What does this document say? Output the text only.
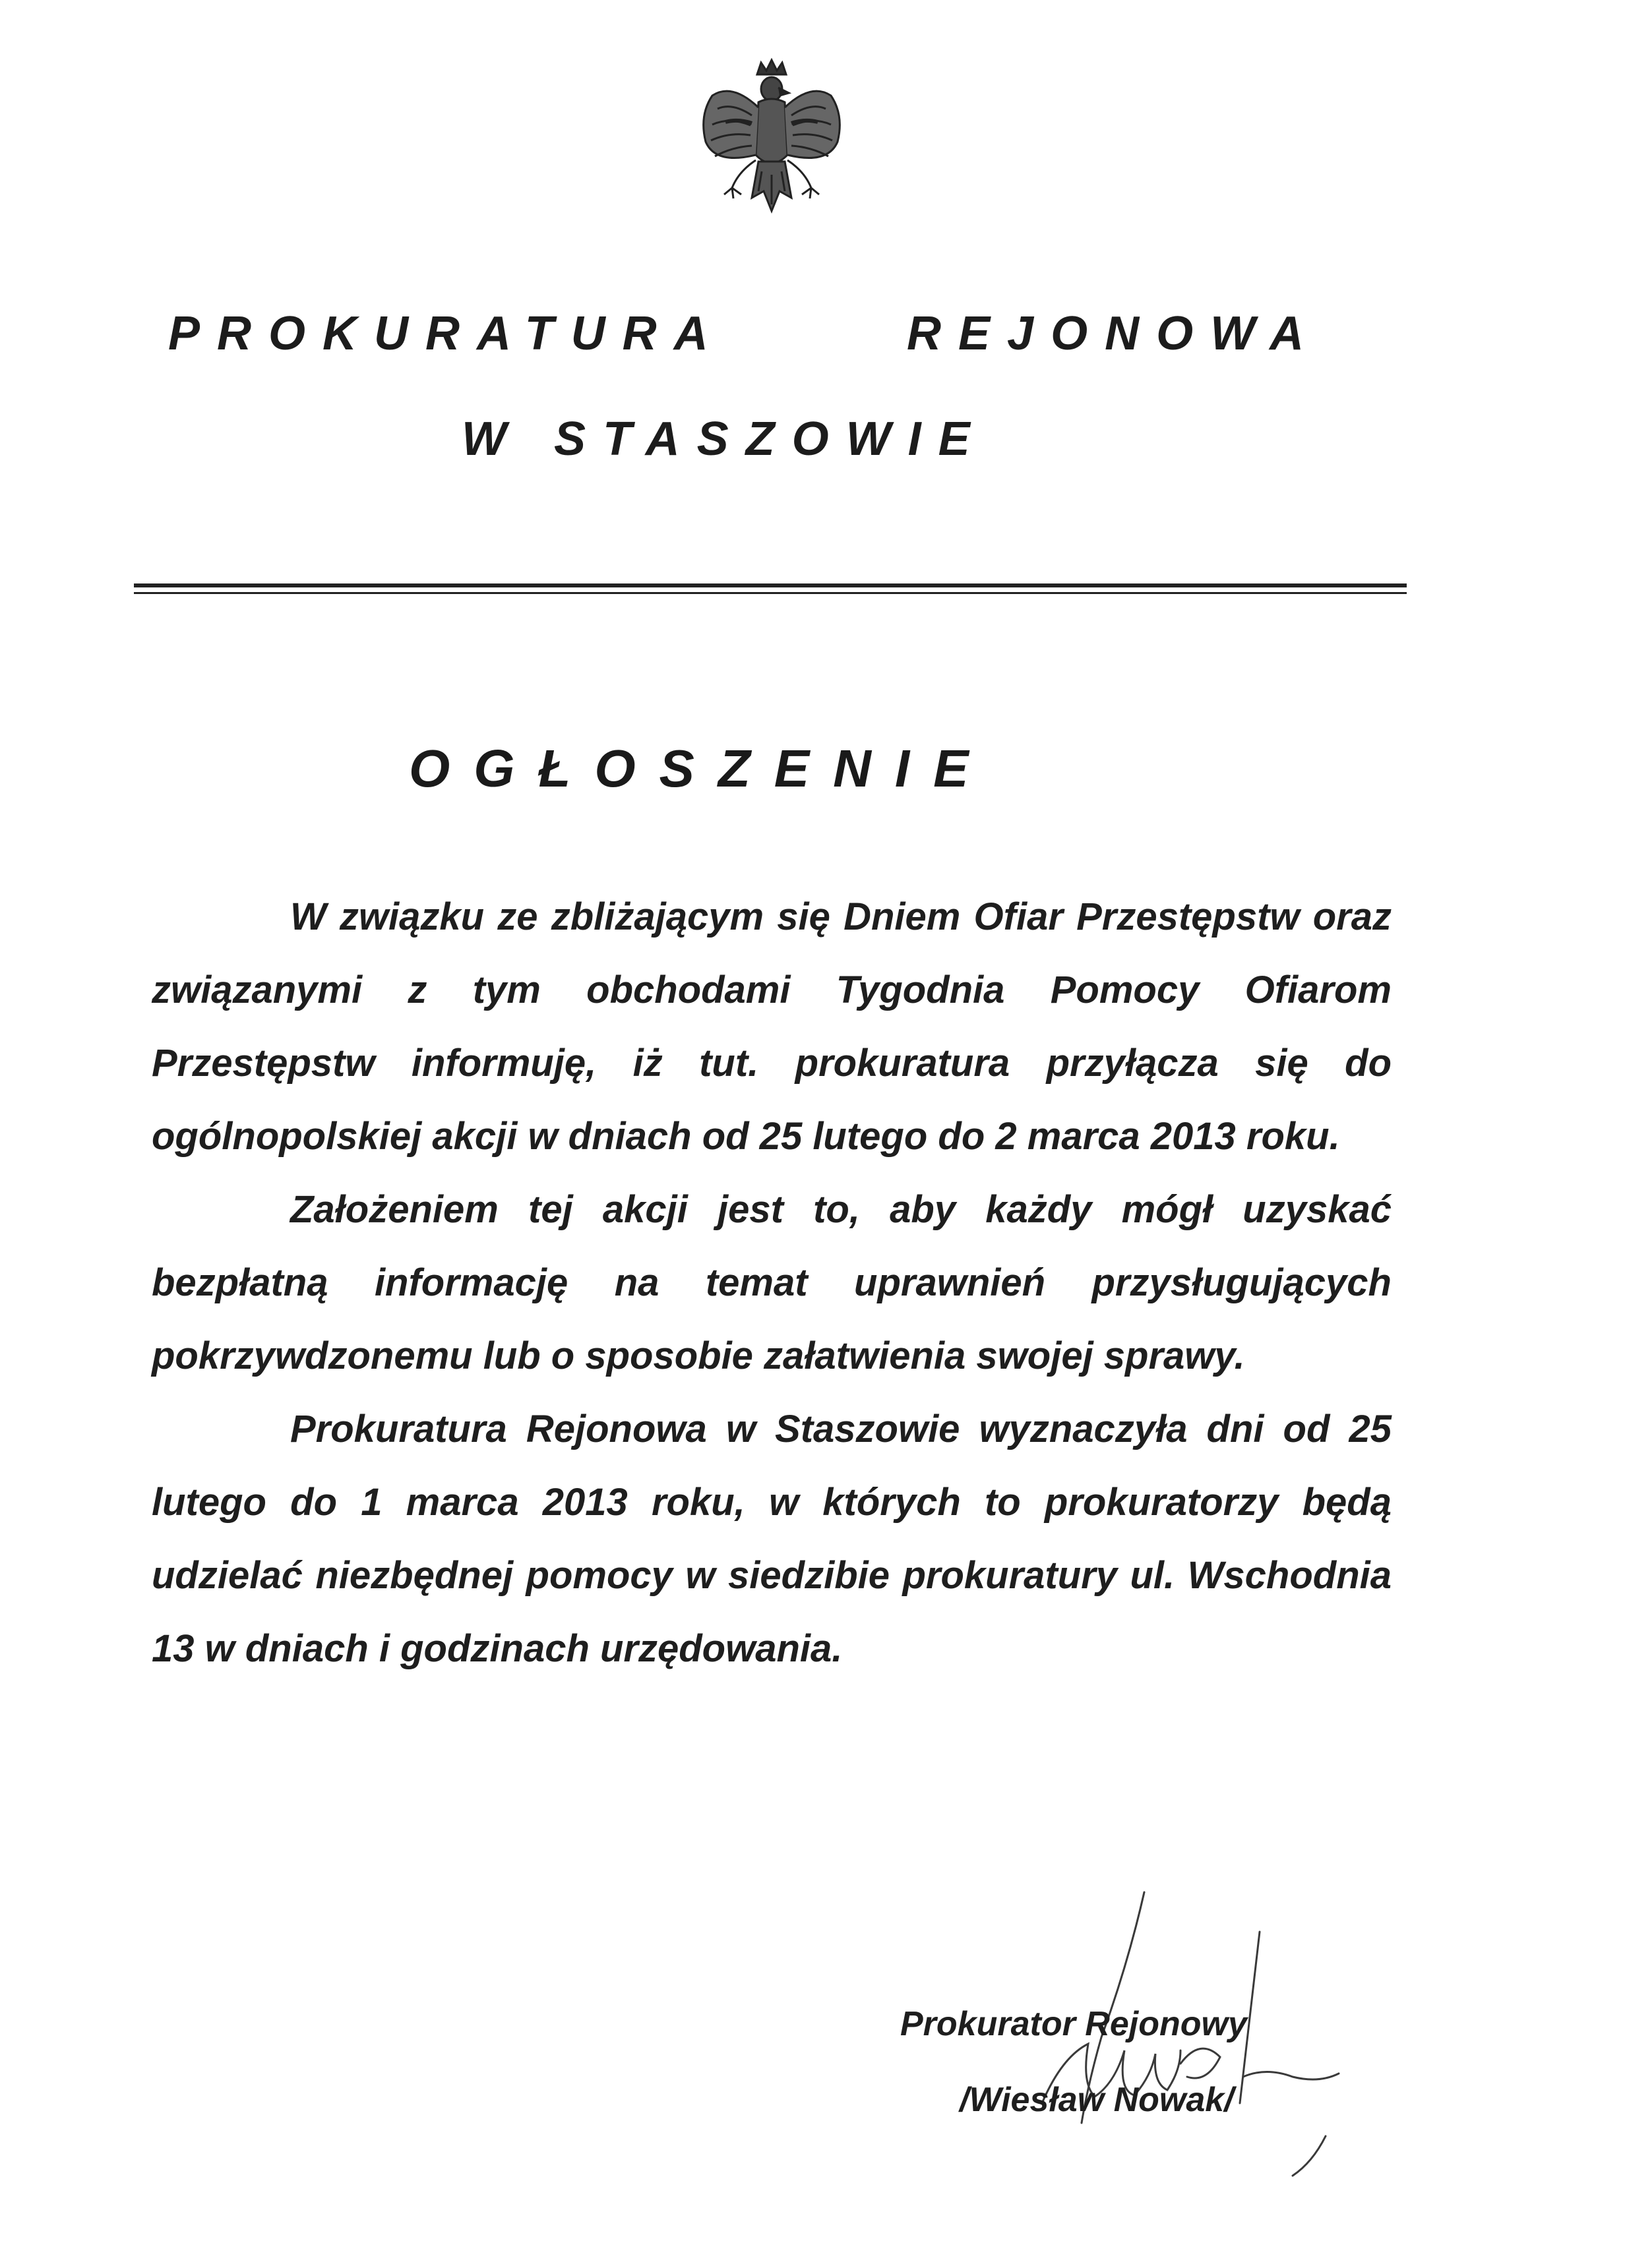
PROKURATURA	REJONOWA
W STASZOWIE
OGŁOSZENIE

W związku ze zbliżającym się Dniem Ofiar Przestępstw oraz związanymi z tym obchodami Tygodnia Pomocy Ofiarom Przestępstw informuję, iż tut. prokuratura przyłącza się do ogólnopolskiej akcji w dniach od 25 lutego do 2 marca 2013 roku.

Założeniem tej akcji jest to, aby każdy mógł uzyskać bezpłatną informację na temat uprawnień przysługujących pokrzywdzonemu lub o sposobie załatwienia swojej sprawy.

Prokuratura Rejonowa w Staszowie wyznaczyła dni od 25 lutego do 1 marca 2013 roku, w których to prokuratorzy będą udzielać niezbędnej pomocy w siedzibie prokuratury ul. Wschodnia 13 w dniach i godzinach urzędowania.

Prokurator Rejonowy
/Wiesław Nowak/
